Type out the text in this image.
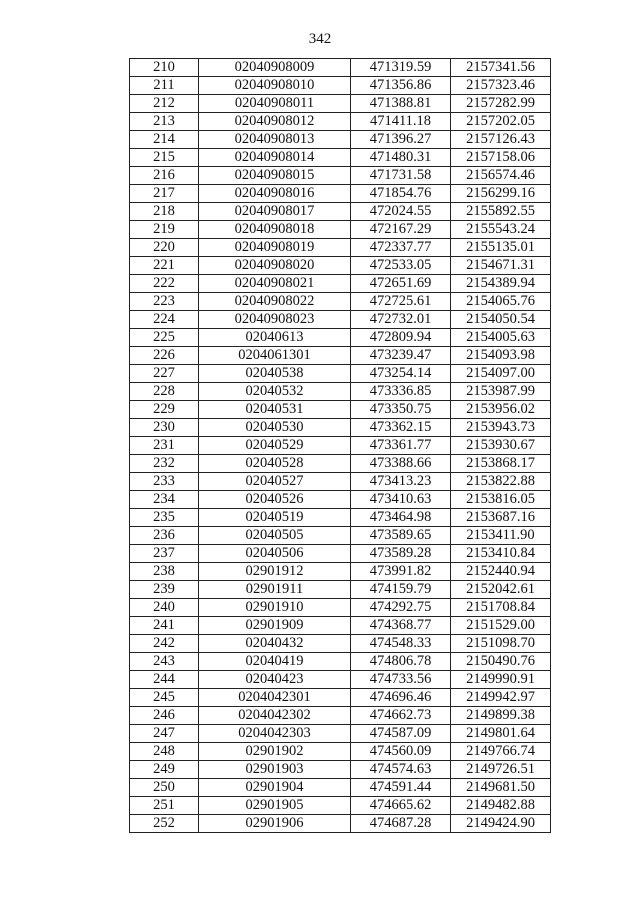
342
210	02040908009	471319.59	2157341.56
211	02040908010	471356.86	2157323.46
212	02040908011	471388.81	2157282.99
213	02040908012	471411.18	2157202.05
214	02040908013	471396.27	2157126.43
215	02040908014	471480.31	2157158.06
216	02040908015	471731.58	2156574.46
217	02040908016	471854.76	2156299.16
218	02040908017	472024.55	2155892.55
219	02040908018	472167.29	2155543.24
220	02040908019	472337.77	2155135.01
221	02040908020	472533.05	2154671.31
222	02040908021	472651.69	2154389.94
223	02040908022	472725.61	2154065.76
224	02040908023	472732.01	2154050.54
225	02040613	472809.94	2154005.63
226	0204061301	473239.47	2154093.98
227	02040538	473254.14	2154097.00
228	02040532	473336.85	2153987.99
229	02040531	473350.75	2153956.02
230	02040530	473362.15	2153943.73
231	02040529	473361.77	2153930.67
232	02040528	473388.66	2153868.17
233	02040527	473413.23	2153822.88
234	02040526	473410.63	2153816.05
235	02040519	473464.98	2153687.16
236	02040505	473589.65	2153411.90
237	02040506	473589.28	2153410.84
238	02901912	473991.82	2152440.94
239	02901911	474159.79	2152042.61
240	02901910	474292.75	2151708.84
241	02901909	474368.77	2151529.00
242	02040432	474548.33	2151098.70
243	02040419	474806.78	2150490.76
244	02040423	474733.56	2149990.91
245	0204042301	474696.46	2149942.97
246	0204042302	474662.73	2149899.38
247	0204042303	474587.09	2149801.64
248	02901902	474560.09	2149766.74
249	02901903	474574.63	2149726.51
250	02901904	474591.44	2149681.50
251	02901905	474665.62	2149482.88
252	02901906	474687.28	2149424.90
